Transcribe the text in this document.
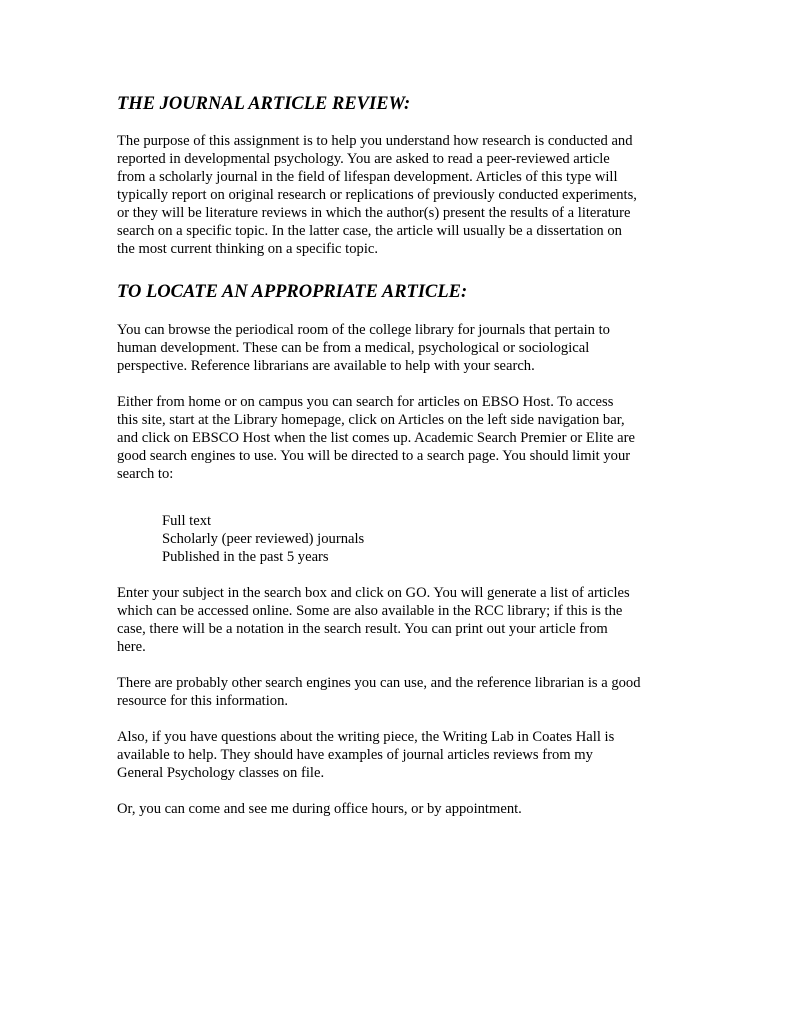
THE JOURNAL ARTICLE REVIEW:

The purpose of this assignment is to help you understand how research is conducted and
reported in developmental psychology. You are asked to read a peer-reviewed article
from a scholarly journal in the field of lifespan development. Articles of this type will
typically report on original research or replications of previously conducted experiments,
or they will be literature reviews in which the author(s) present the results of a literature
search on a specific topic. In the latter case, the article will usually be a dissertation on
the most current thinking on a specific topic.

TO LOCATE AN APPROPRIATE ARTICLE:

You can browse the periodical room of the college library for journals that pertain to
human development. These can be from a medical, psychological or sociological
perspective. Reference librarians are available to help with your search.

Either from home or on campus you can search for articles on EBSO Host. To access
this site, start at the Library homepage, click on Articles on the left side navigation bar,
and click on EBSCO Host when the list comes up. Academic Search Premier or Elite are
good search engines to use. You will be directed to a search page. You should limit your
search to:

Full text
Scholarly (peer reviewed) journals
Published in the past 5 years

Enter your subject in the search box and click on GO. You will generate a list of articles
which can be accessed online. Some are also available in the RCC library; if this is the
case, there will be a notation in the search result. You can print out your article from
here.

There are probably other search engines you can use, and the reference librarian is a good
resource for this information.

Also, if you have questions about the writing piece, the Writing Lab in Coates Hall is
available to help. They should have examples of journal articles reviews from my
General Psychology classes on file.

Or, you can come and see me during office hours, or by appointment.
